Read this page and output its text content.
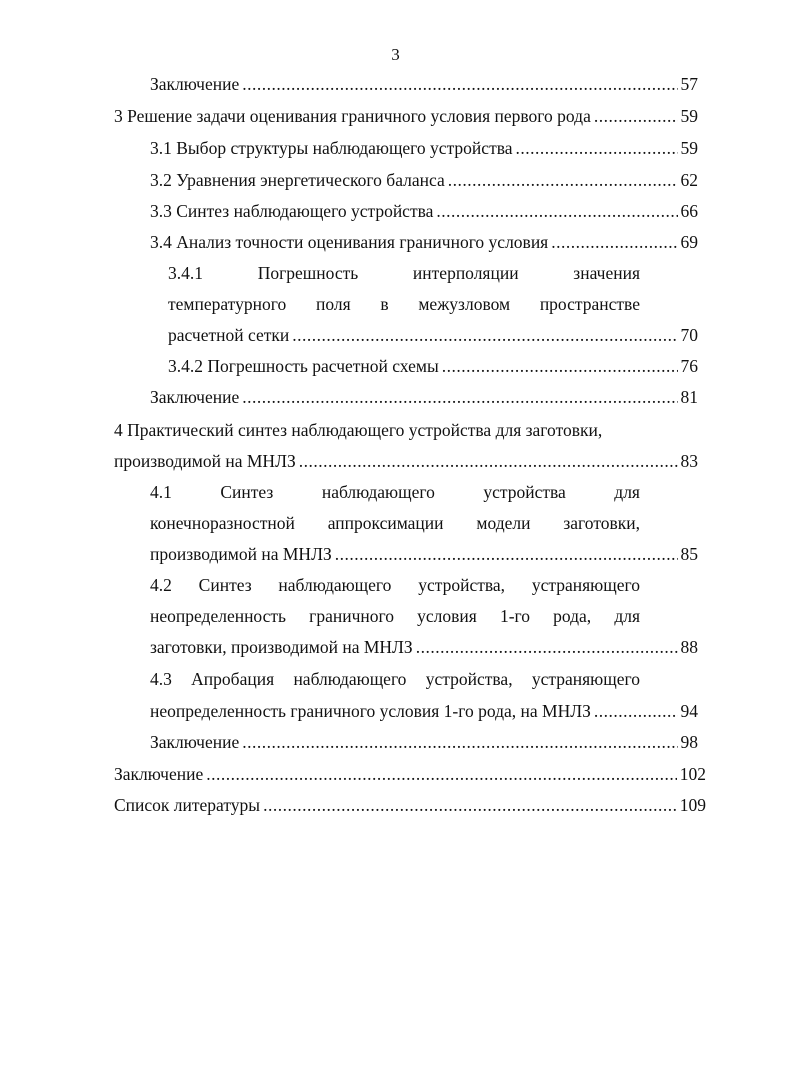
3
Заключение .....	57
3 Решение задачи оценивания граничного условия первого рода .....	59
3.1 Выбор структуры наблюдающего устройства .....	59
3.2 Уравнения энергетического баланса .....	62
3.3 Синтез наблюдающего устройства .....	66
3.4 Анализ точности оценивания граничного условия .....	69
3.4.1	Погрешность	интерполяции	значения
температурного поля в межузловом пространстве
расчетной сетки .....	70
3.4.2 Погрешность расчетной схемы .....	76
Заключение .....	81
4 Практический синтез наблюдающего устройства для заготовки,
производимой на МНЛЗ .....	83
4.1	Синтез	наблюдающего	устройства	для
конечноразностной аппроксимации модели заготовки,
производимой на МНЛЗ .....	85
4.2 Синтез наблюдающего устройства, устраняющего
неопределенность граничного условия 1-го рода, для
заготовки, производимой на МНЛЗ .....	88
4.3 Апробация наблюдающего устройства, устраняющего
неопределенность граничного условия 1-го рода, на МНЛЗ .....	94
Заключение .....	98
Заключение .....	102
Список литературы .....	109
